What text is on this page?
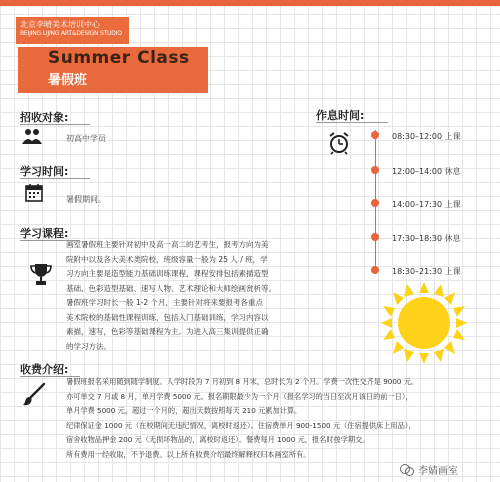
北京李晴美术培训中心
BEIJING LIJING ART&DESIGN STUDIO
Summer Class
暑假班
招收对象:
初高中学员
学习时间:
暑假期间。
学习课程:
画室暑假班主要针对初中及高一高二的艺考生，报考方向为美
院附中以及各大美术类院校，班级容量一般为 25 人 / 班，学
习方向主要是造型能力基础训练课程，课程安排包括素描造型
基础、色彩造型基础、速写人物、艺术理论和大师绘画赏析等。
暑假班学习时长一般 1-2 个月，主要针对将来要报考各重点
美术院校的基础性课程训练，包括入门基础训练，学习内容以
素描，速写，色彩等基础课程为主。为进入高三集训提供正确
的学习方法。
收费介绍:
暑假班报名采用随到随学制度。人学时段为 7 月初到 8 月末，总时长为 2 个月。学费一次性交齐是 9000 元。
亦可单交 7 月或 8 月，单月学费 5000 元。报名期限最少为一个月（报名学习的当日至次月该日的前一日），
单月学费 5000 元，超过一个月的，超出天数按照每天 210 元累加计算。
纪律保证金 1000 元（在校期间无违纪情况，离校时返还）。住宿费单月 900-1500 元（住宿提供床上用品），
宿舍收物品押金 200 元（无损坏物品的，离校时返还）。餐费每月 1000 元，报名时按学期交。
所有费用一经收取，不予退费。以上所有收费介绍最终解释权归本画室所有。
作息时间:
08:30–12:00 上课
12:00–14:00 休息
14:00–17:30 上课
17:30–18:30 休息
18:30–21:30 上课
李婧画室
